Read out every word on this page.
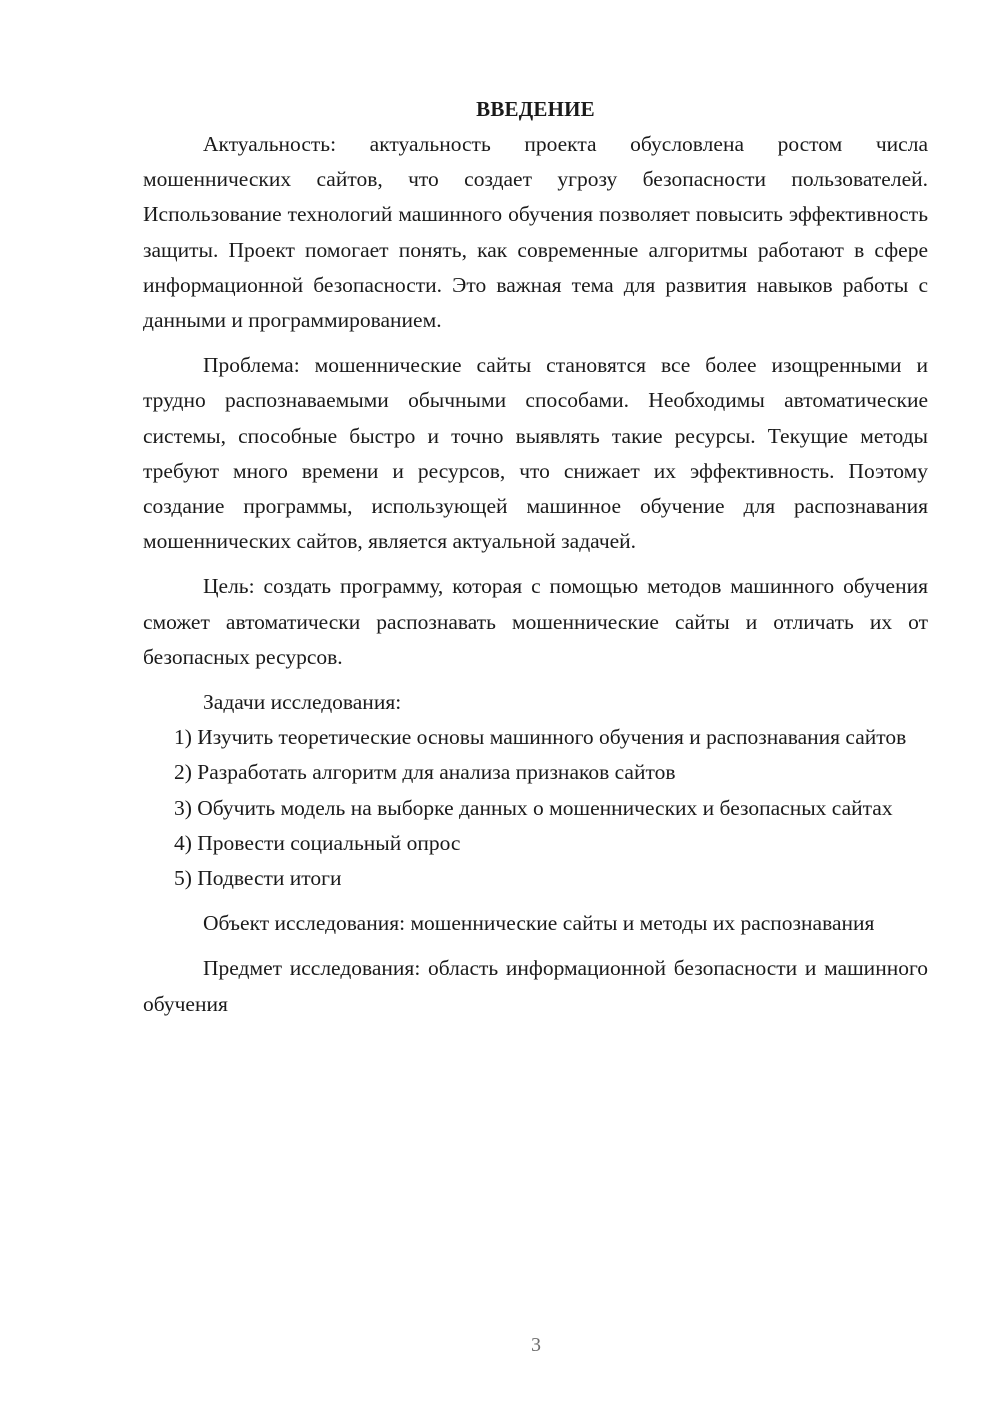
ВВЕДЕНИЕ

Актуальность: актуальность проекта обусловлена ростом числа мошеннических сайтов, что создает угрозу безопасности пользователей. Использование технологий машинного обучения позволяет повысить эффективность защиты. Проект помогает понять, как современные алгоритмы работают в сфере информационной безопасности. Это важная тема для развития навыков работы с данными и программированием.

Проблема: мошеннические сайты становятся все более изощренными и трудно распознаваемыми обычными способами. Необходимы автоматические системы, способные быстро и точно выявлять такие ресурсы. Текущие методы требуют много времени и ресурсов, что снижает их эффективность. Поэтому создание программы, использующей машинное обучение для распознавания мошеннических сайтов, является актуальной задачей.

Цель: создать программу, которая с помощью методов машинного обучения сможет автоматически распознавать мошеннические сайты и отличать их от безопасных ресурсов.

Задачи исследования:

1) Изучить теоретические основы машинного обучения и распознавания сайтов

2) Разработать алгоритм для анализа признаков сайтов

3) Обучить модель на выборке данных о мошеннических и безопасных сайтах

4) Провести социальный опрос

5) Подвести итоги

Объект исследования: мошеннические сайты и методы их распознавания

Предмет исследования: область информационной безопасности и машинного обучения

3
